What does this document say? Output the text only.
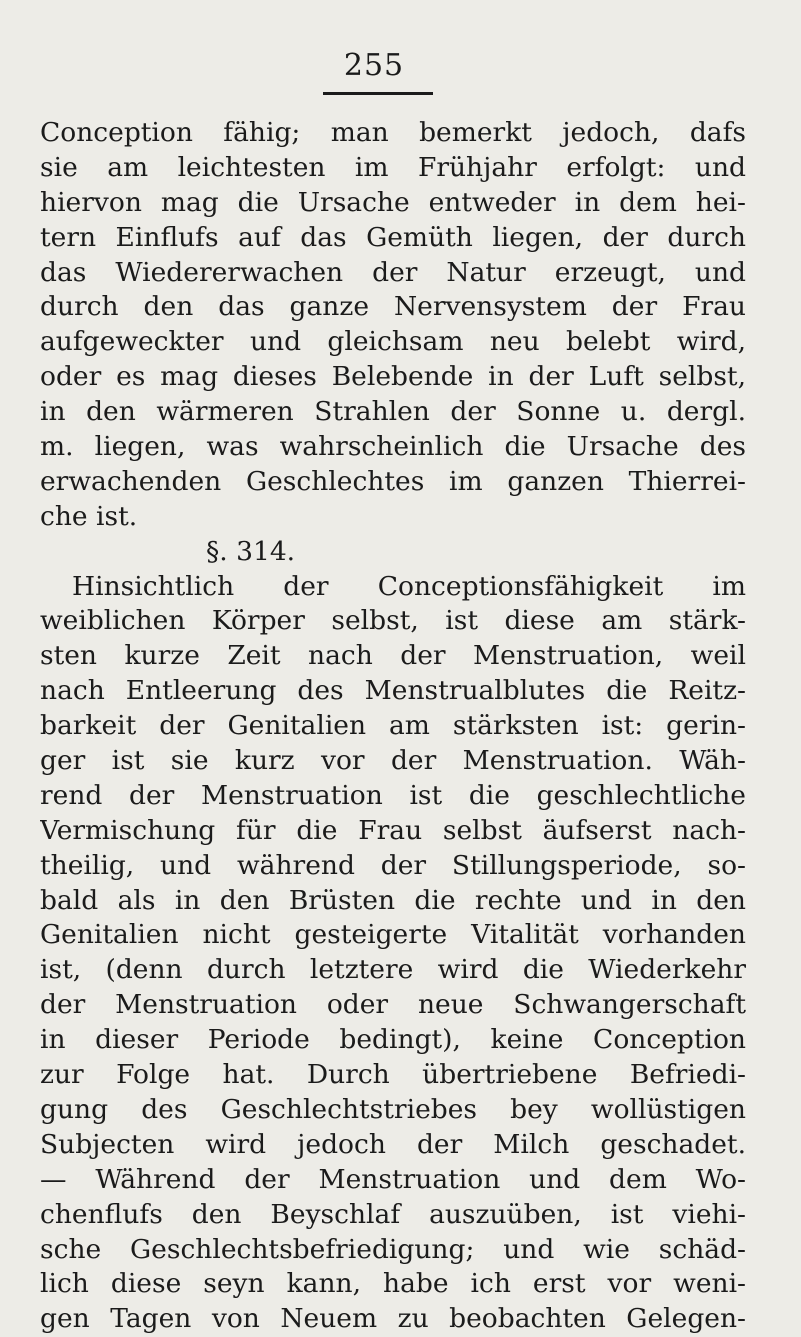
255
Conception fähig; man bemerkt jedoch, dafs
sie am leichtesten im Frühjahr erfolgt: und
hiervon mag die Ursache entweder in dem hei-
tern Einflufs auf das Gemüth liegen, der durch
das Wiedererwachen der Natur erzeugt, und
durch den das ganze Nervensystem der Frau
aufgeweckter und gleichsam neu belebt wird,
oder es mag dieses Belebende in der Luft selbst,
in den wärmeren Strahlen der Sonne u. dergl.
m. liegen, was wahrscheinlich die Ursache des
erwachenden Geschlechtes im ganzen Thierrei-
che ist.
§. 314.
Hinsichtlich der Conceptionsfähigkeit im
weiblichen Körper selbst, ist diese am stärk-
sten kurze Zeit nach der Menstruation, weil
nach Entleerung des Menstrualblutes die Reitz-
barkeit der Genitalien am stärksten ist: gerin-
ger ist sie kurz vor der Menstruation. Wäh-
rend der Menstruation ist die geschlechtliche
Vermischung für die Frau selbst äufserst nach-
theilig, und während der Stillungsperiode, so-
bald als in den Brüsten die rechte und in den
Genitalien nicht gesteigerte Vitalität vorhanden
ist, (denn durch letztere wird die Wiederkehr
der Menstruation oder neue Schwangerschaft
in dieser Periode bedingt), keine Conception
zur Folge hat. Durch übertriebene Befriedi-
gung des Geschlechtstriebes bey wollüstigen
Subjecten wird jedoch der Milch geschadet.
— Während der Menstruation und dem Wo-
chenflufs den Beyschlaf auszuüben, ist viehi-
sche Geschlechtsbefriedigung; und wie schäd-
lich diese seyn kann, habe ich erst vor weni-
gen Tagen von Neuem zu beobachten Gelegen-
